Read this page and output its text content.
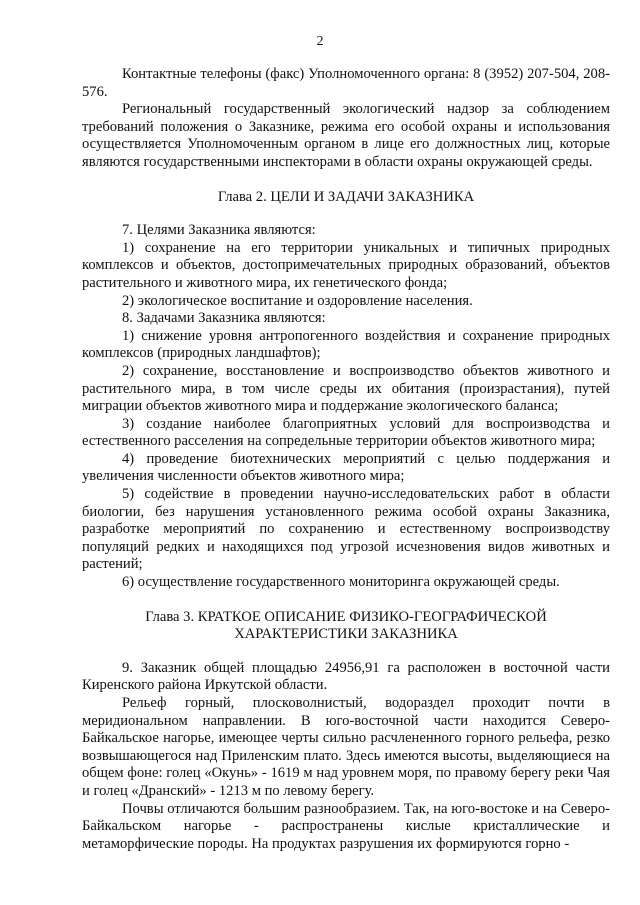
2

Контактные телефоны (факс) Уполномоченного органа: 8 (3952) 207-504, 208-576.

Региональный государственный экологический надзор за соблюдением требований положения о Заказнике, режима его особой охраны и использования осуществляется Уполномоченным органом в лице его должностных лиц, которые являются государственными инспекторами в области охраны окружающей среды.

Глава 2. ЦЕЛИ И ЗАДАЧИ ЗАКАЗНИКА

7. Целями Заказника являются:

1) сохранение на его территории уникальных и типичных природных комплексов и объектов, достопримечательных природных образований, объектов растительного и животного мира, их генетического фонда;

2) экологическое воспитание и оздоровление населения.

8. Задачами Заказника являются:

1) снижение уровня антропогенного воздействия и сохранение природных комплексов (природных ландшафтов);

2) сохранение, восстановление и воспроизводство объектов животного и растительного мира, в том числе среды их обитания (произрастания), путей миграции объектов животного мира и поддержание экологического баланса;

3) создание наиболее благоприятных условий для воспроизводства и естественного расселения на сопредельные территории объектов животного мира;

4) проведение биотехнических мероприятий с целью поддержания и увеличения численности объектов животного мира;

5) содействие в проведении научно-исследовательских работ в области биологии, без нарушения установленного режима особой охраны Заказника, разработке мероприятий по сохранению и естественному воспроизводству популяций редких и находящихся под угрозой исчезновения видов животных и растений;

6) осуществление государственного мониторинга окружающей среды.

Глава 3. КРАТКОЕ ОПИСАНИЕ ФИЗИКО-ГЕОГРАФИЧЕСКОЙ
ХАРАКТЕРИСТИКИ ЗАКАЗНИКА

9. Заказник общей площадью 24956,91 га расположен в восточной части Киренского района Иркутской области.

Рельеф горный, плосковолнистый, водораздел проходит почти в меридиональном направлении. В юго-восточной части находится Северо-Байкальское нагорье, имеющее черты сильно расчлененного горного рельефа, резко возвышающегося над Приленским плато. Здесь имеются высоты, выделяющиеся на общем фоне: голец «Окунь» - 1619 м над уровнем моря, по правому берегу реки Чая и голец «Дранский» - 1213 м по левому берегу.

Почвы отличаются большим разнообразием. Так, на юго-востоке и на Северо-Байкальском нагорье - распространены кислые кристаллические и метаморфические породы. На продуктах разрушения их формируются горно -
